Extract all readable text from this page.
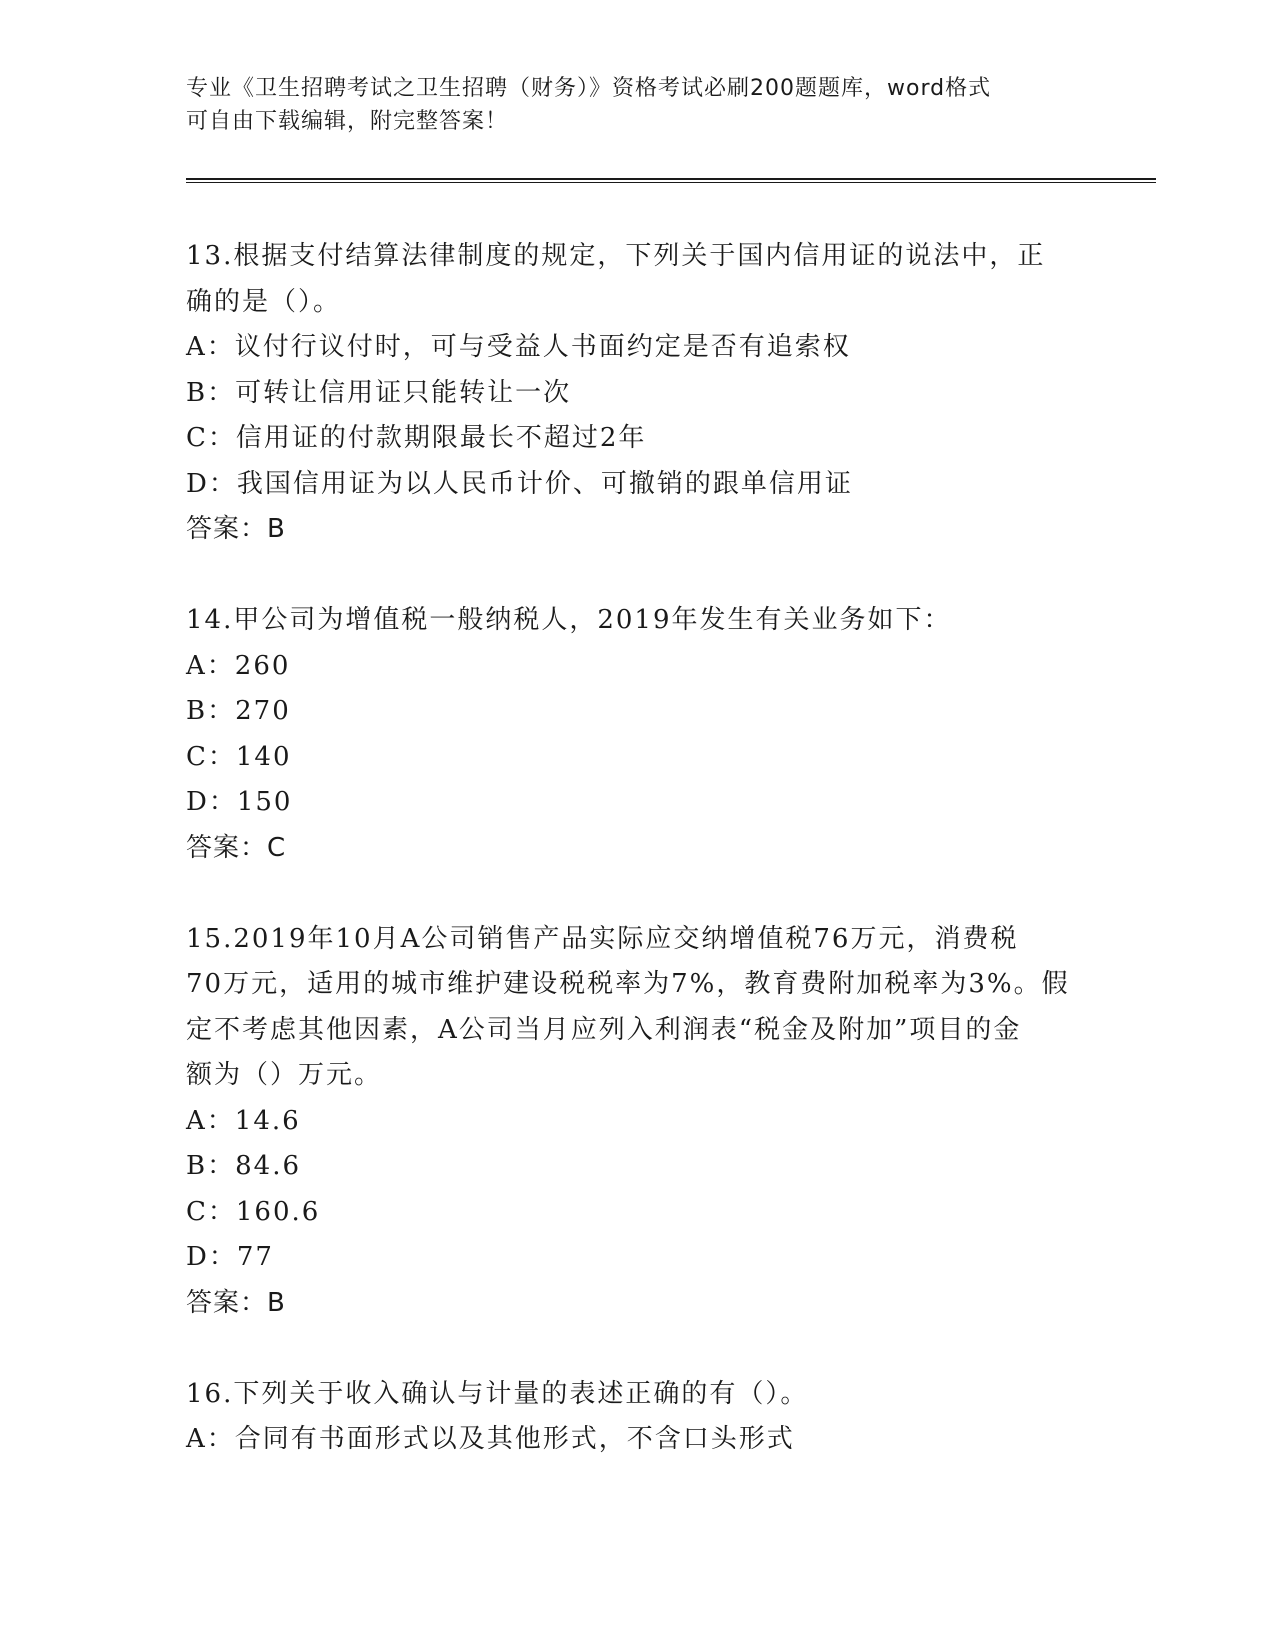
专业《卫生招聘考试之卫生招聘（财务）》资格考试必刷200题题库，word格式
可自由下载编辑，附完整答案！
13.根据支付结算法律制度的规定，下列关于国内信用证的说法中，正
确的是（）。
A：议付行议付时，可与受益人书面约定是否有追索权
B：可转让信用证只能转让一次
C：信用证的付款期限最长不超过2年
D：我国信用证为以人民币计价、可撤销的跟单信用证
答案：B
14.甲公司为增值税一般纳税人，2019年发生有关业务如下：
A：260
B：270
C：140
D：150
答案：C
15.2019年10月A公司销售产品实际应交纳增值税76万元，消费税
70万元，适用的城市维护建设税税率为7%，教育费附加税率为3%。假
定不考虑其他因素，A公司当月应列入利润表“税金及附加”项目的金
额为（）万元。
A：14.6
B：84.6
C：160.6
D：77
答案：B
16.下列关于收入确认与计量的表述正确的有（）。
A：合同有书面形式以及其他形式，不含口头形式
